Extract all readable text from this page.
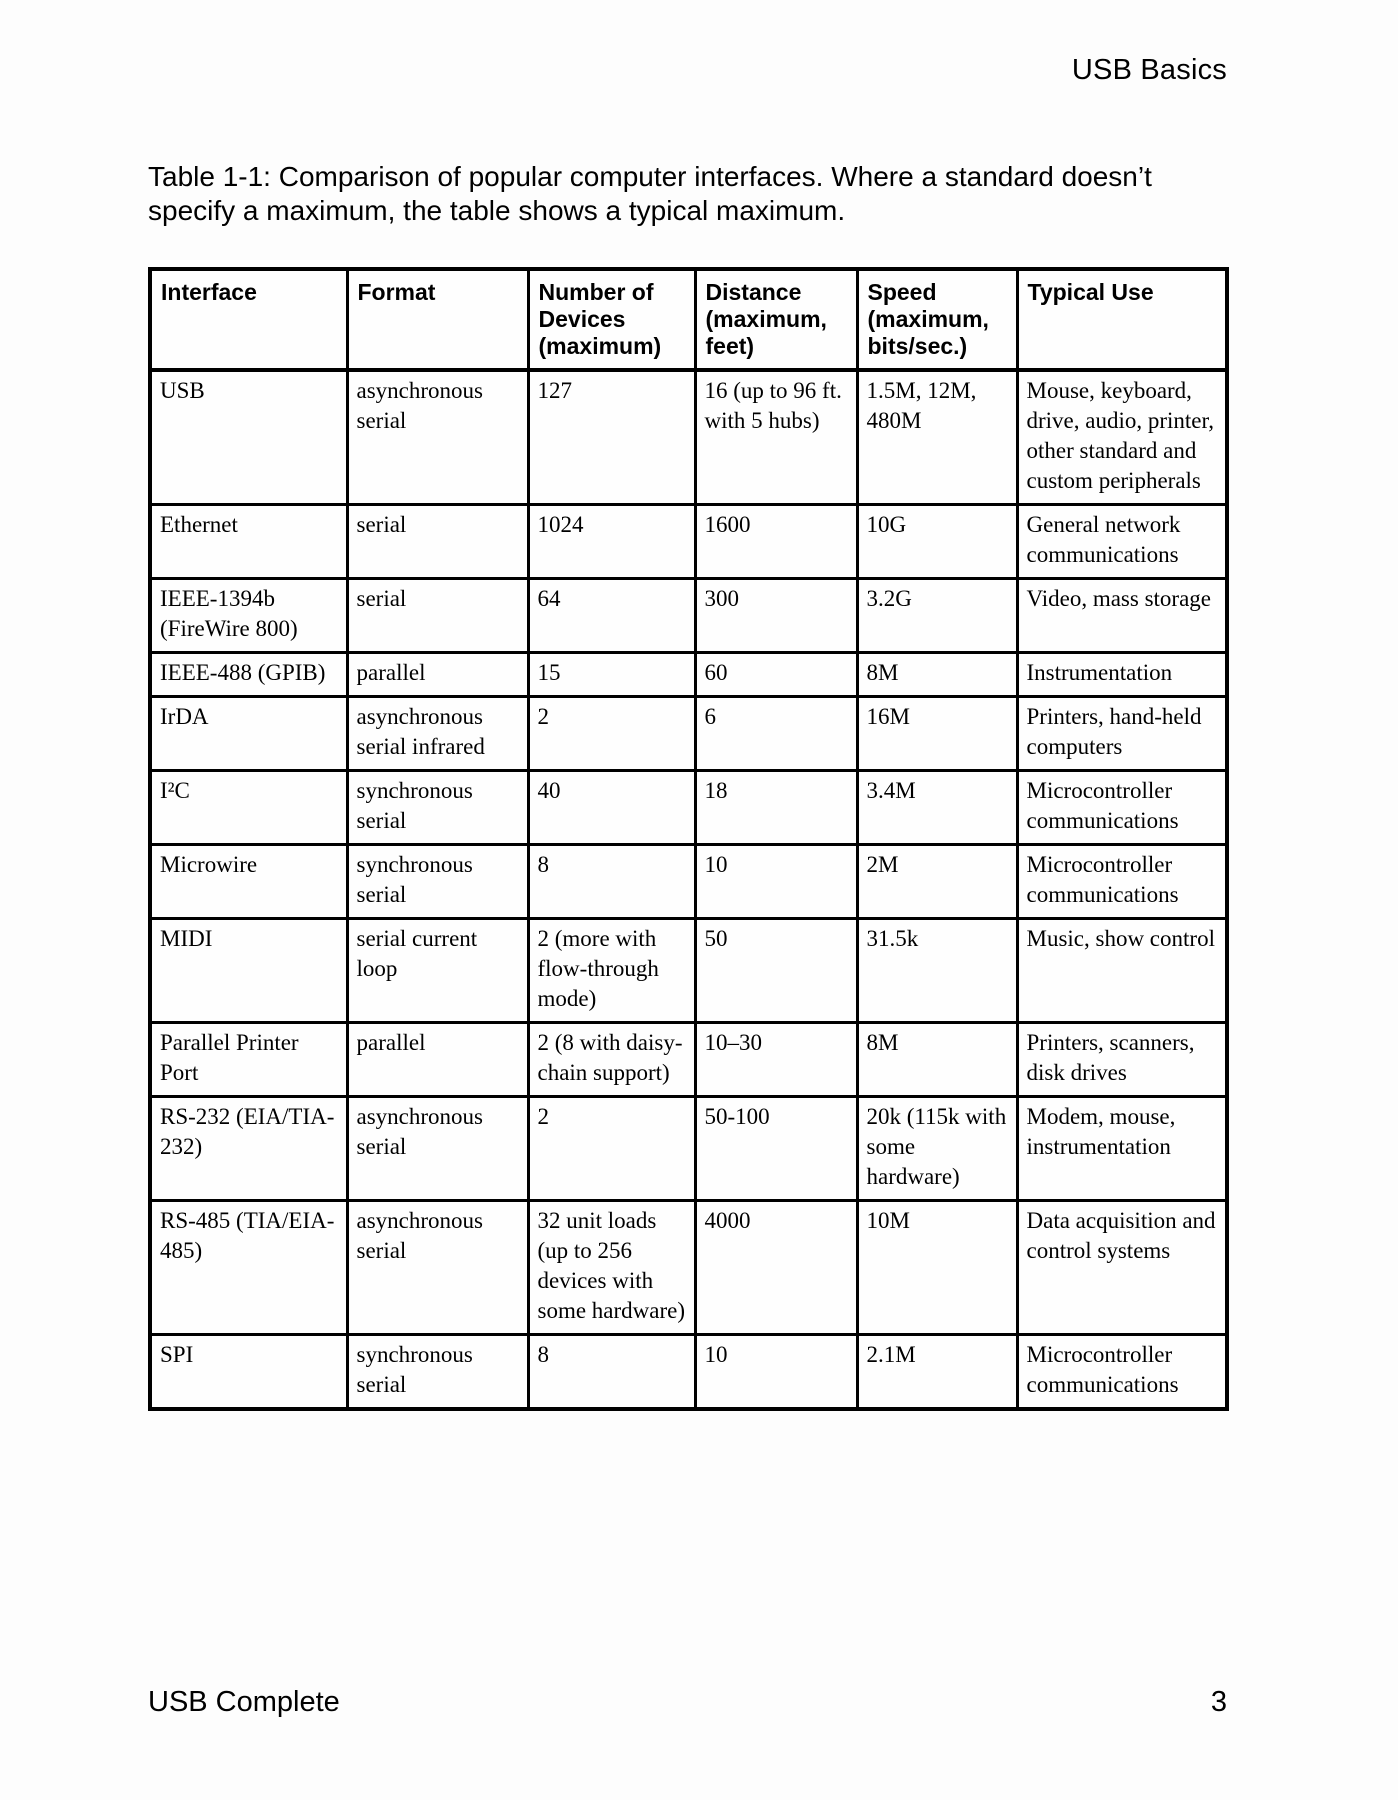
USB Basics

Table 1-1: Comparison of popular computer interfaces. Where a standard doesn’t specify a maximum, the table shows a typical maximum.

Interface	Format	Number of Devices (maximum)	Distance (maximum, feet)	Speed (maximum, bits/sec.)	Typical Use
USB	asynchronous serial	127	16 (up to 96 ft. with 5 hubs)	1.5M, 12M, 480M	Mouse, keyboard, drive, audio, printer, other standard and custom peripherals
Ethernet	serial	1024	1600	10G	General network communications
IEEE-1394b (FireWire 800)	serial	64	300	3.2G	Video, mass storage
IEEE-488 (GPIB)	parallel	15	60	8M	Instrumentation
IrDA	asynchronous serial infrared	2	6	16M	Printers, hand-held computers
I²C	synchronous serial	40	18	3.4M	Microcontroller communications
Microwire	synchronous serial	8	10	2M	Microcontroller communications
MIDI	serial current loop	2 (more with flow-through mode)	50	31.5k	Music, show control
Parallel Printer Port	parallel	2 (8 with daisy-chain support)	10–30	8M	Printers, scanners, disk drives
RS-232 (EIA/TIA-232)	asynchronous serial	2	50-100	20k (115k with some hardware)	Modem, mouse, instrumentation
RS-485 (TIA/EIA-485)	asynchronous serial	32 unit loads (up to 256 devices with some hardware)	4000	10M	Data acquisition and control systems
SPI	synchronous serial	8	10	2.1M	Microcontroller communications
USB Complete	3
